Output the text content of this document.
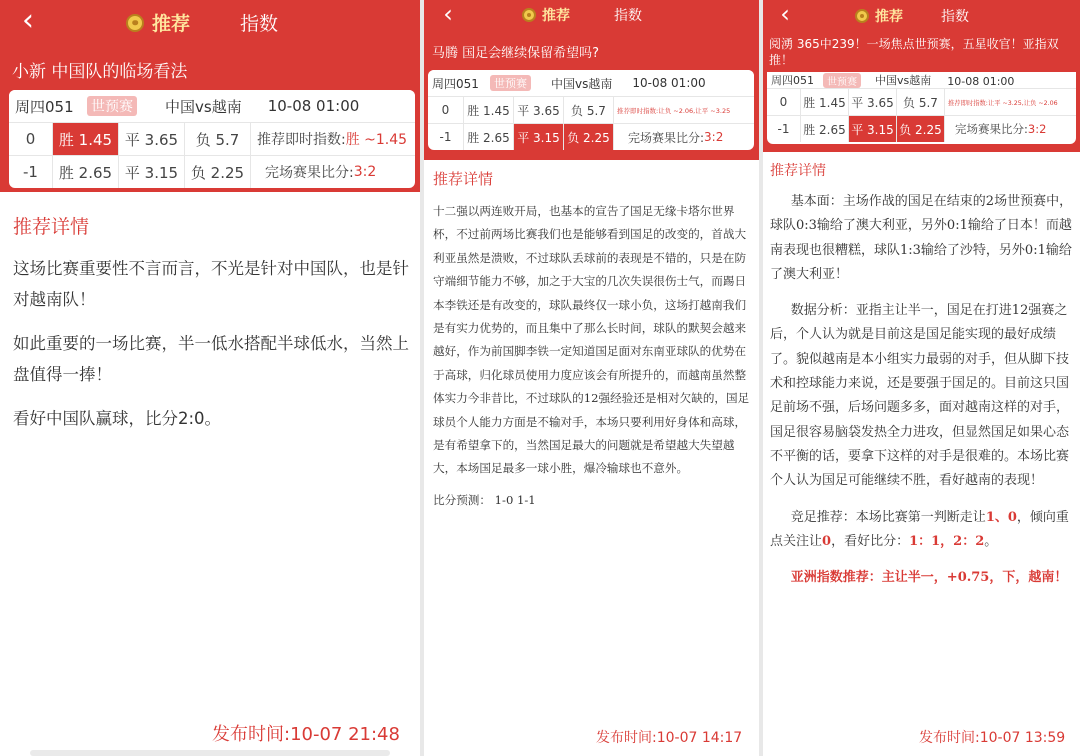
‹	推荐	指数
小新 中国队的临场看法
周四051	世预赛 中国vs越南 10-08 01:00
0	胜 1.45 平 3.65	负 5.7	推荐即时指数: 胜 ~1.45
-1	胜 2.65 平 3.15 负 2.25	完场赛果比分: 3:2
推荐详情

这场比赛重要性不言而言，不光是针对中国队，也是针对越南队！

如此重要的一场比赛，半一低水搭配半球低水，当然上盘值得一捧！

看好中国队赢球，比分2:0。

发布时间:10-07 21:48
‹	推荐	指数
马腾 国足会继续保留希望吗?
周四051	世预赛	中国vs越南 10-08 01:00
0	胜 1.45 平 3.65 负 5.7	推荐即时指数:让负 ~2.06,让平 ~3.25
-1	胜 2.65 平 3.15 负 2.25	完场赛果比分: 3:2
推荐详情

十二强以两连败开局，也基本的宣告了国足无缘卡塔尔世界杯，不过前两场比赛我们也是能够看到国足的改变的，首战大利亚虽然是溃败，不过球队丢球前的表现是不错的，只是在防守端细节能力不够，加之于大宝的几次失误很伤士气，而踢日本李铁还是有改变的，球队最终仅一球小负，这场打越南我们是有实力优势的，而且集中了那么长时间，球队的默契会越来越好，作为前国脚李铁一定知道国足面对东南亚球队的优势在于高球，归化球员使用力度应该会有所提升的，而越南虽然整体实力今非昔比，不过球队的12强经验还是相对欠缺的，国足球员个人能力方面是不输对手，本场只要利用好身体和高球，是有希望拿下的，当然国足最大的问题就是希望越大失望越大，本场国足最多一球小胜，爆冷输球也不意外。

比分预测： 1-0 1-1

发布时间:10-07 14:17
‹	推荐	指数
阅湧 365中239！一场焦点世预赛，五星收官！亚指双推！
周四051	世预赛	中国vs越南 10-08 01:00
0	胜 1.45 平 3.65 负 5.7	推荐即时指数:让平 ~3.25,让负 ~2.06
-1	胜 2.65 平 3.15 负 2.25 完场赛果比分: 3:2
推荐详情

基本面：主场作战的国足在结束的2场世预赛中，球队0:3输给了澳大利亚，另外0:1输给了日本！而越南表现也很糟糕，球队1:3输给了沙特，另外0:1输给了澳大利亚！

数据分析：亚指主让半一，国足在打进12强赛之后，个人认为就是目前这是国足能实现的最好成绩了。貌似越南是本小组实力最弱的对手，但从脚下技术和控球能力来说，还是要强于国足的。目前这只国足前场不强，后场问题多多，面对越南这样的对手，国足很容易脑袋发热全力进攻，但显然国足如果心态不平衡的话，要拿下这样的对手是很难的。本场比赛个人认为国足可能继续不胜，看好越南的表现！

竞足推荐：本场比赛第一判断走让1、0，倾向重点关注让0，看好比分：1：1，2：2。

亚洲指数推荐：主让半一，+0.75，下，越南！

发布时间:10-07 13:59
